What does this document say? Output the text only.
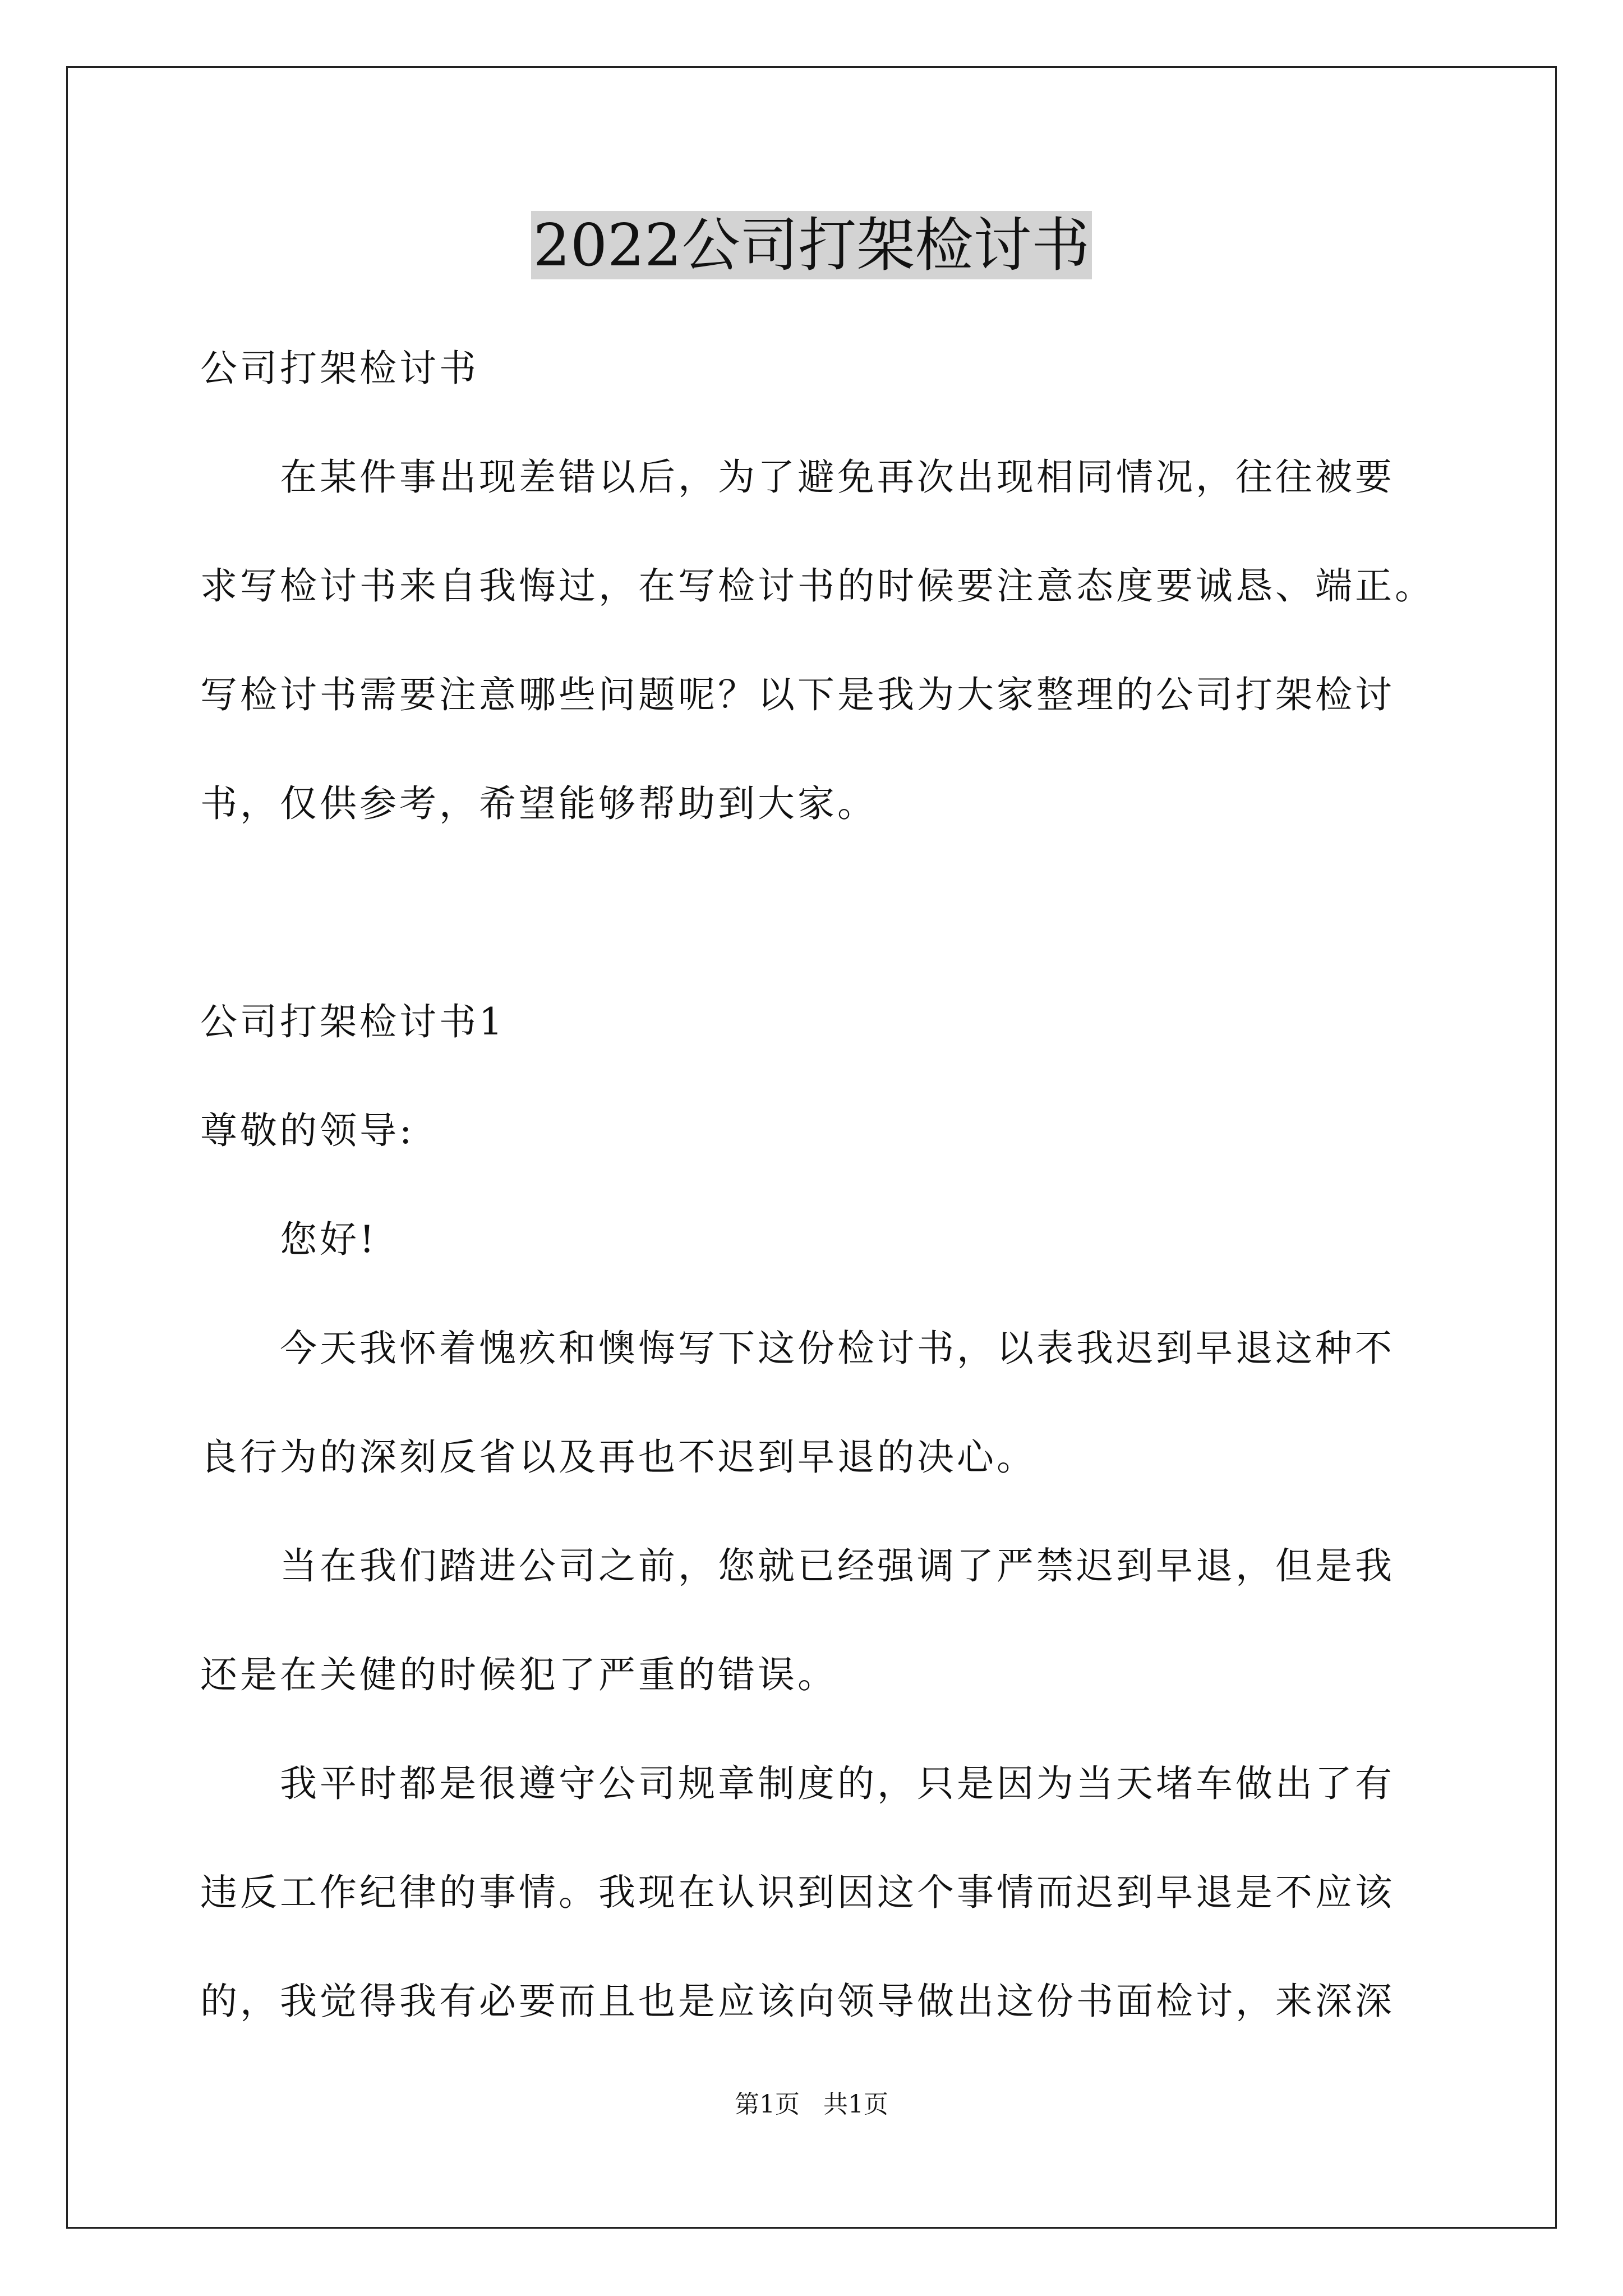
2022公司打架检讨书
公司打架检讨书
在某件事出现差错以后，为了避免再次出现相同情况，往往被要
求写检讨书来自我悔过，在写检讨书的时候要注意态度要诚恳、端正。
写检讨书需要注意哪些问题呢？以下是我为大家整理的公司打架检讨
书，仅供参考，希望能够帮助到大家。
公司打架检讨书1
尊敬的领导:
您好!
今天我怀着愧疚和懊悔写下这份检讨书，以表我迟到早退这种不
良行为的深刻反省以及再也不迟到早退的决心。
当在我们踏进公司之前，您就已经强调了严禁迟到早退，但是我
还是在关健的时候犯了严重的错误。
我平时都是很遵守公司规章制度的，只是因为当天堵车做出了有
违反工作纪律的事情。我现在认识到因这个事情而迟到早退是不应该
的，我觉得我有必要而且也是应该向领导做出这份书面检讨，来深深
第1页   共1页
